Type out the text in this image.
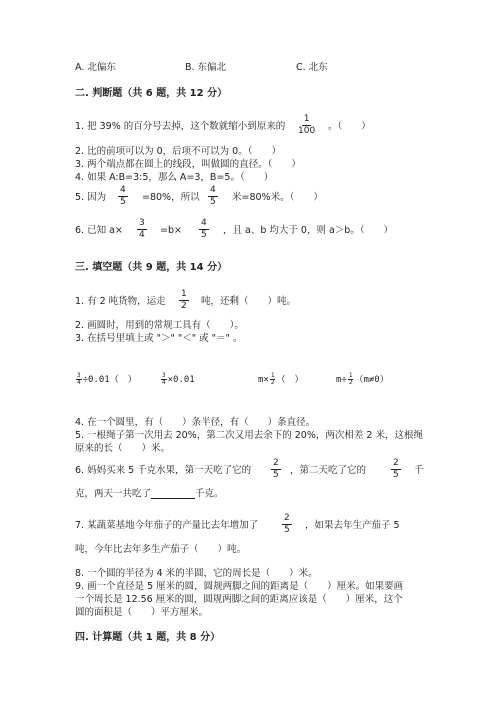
A. 北偏东	B. 东偏北	C. 北东
二. 判断题（共 6 题，共 12 分）
1. 把 39% 的百分号去掉，这个数就缩小到原来的 $\frac{1}{100}$ 。（　　）
2. 比的前项可以为 0，后项不可以为 0。（　　）
3. 两个端点都在圆上的线段，叫做圆的直径。（　　）
4. 如果 A:B=3:5，那么 A=3，B=5。（　　）
5. 因为 $\frac{4}{5} =80\%$，所以 $\frac{4}{5}$ 米=80%米。（　　）
6. 已知 $a\times \frac{3}{4} =b\times \frac{4}{5}$ ，且 a、b 均大于 0，则 a＞b。（　　）
三. 填空题（共 9 题，共 14 分）
1. 有 2 吨货物，运走 $\frac{1}{2}$ 吨，还剩（　　）吨。
2. 画圆时，用到的常规工具有（　　）。
3. 在括号里填上或 "＞" "＜" 或 "＝" 。
$\frac{3}{4} \div 0.01$（　）	$\frac{3}{4} \times 0.01$	$m\times \frac{1}{2}$ （　）	$m\div \frac{1}{2} (m\ne 0)$
4. 在一个圆里，有（　　）条半径，有（　　）条直径。
5. 一根绳子第一次用去 20%，第二次又用去余下的 20%，两次相差 2 米，这根绳
原来的长（　　）米。
6. 妈妈买来 5 千克水果，第一天吃了它的 $\frac{2}{5}$ ，第二天吃了它的	$\frac{2}{5}$ 千
克，两天一共吃了	千克。
7. 某蔬菜基地今年茄子的产量比去年增加了	$\frac{2}{5}$ ，如果去年生产茄子 5
吨，今年比去年多生产茄子（　　）吨。
8. 一个圆的半径为 4 米的半圆，它的周长是（　　）米。
9. 画一个直径是 5 厘米的圆，圆规两脚之间的距离是（　　）厘米。如果要画
一个周长是 12.56 厘米的圆，圆规两脚之间的距离应该是（　　）厘米，这个
圆的面积是（　　）平方厘米。
四. 计算题（共 1 题，共 8 分）
